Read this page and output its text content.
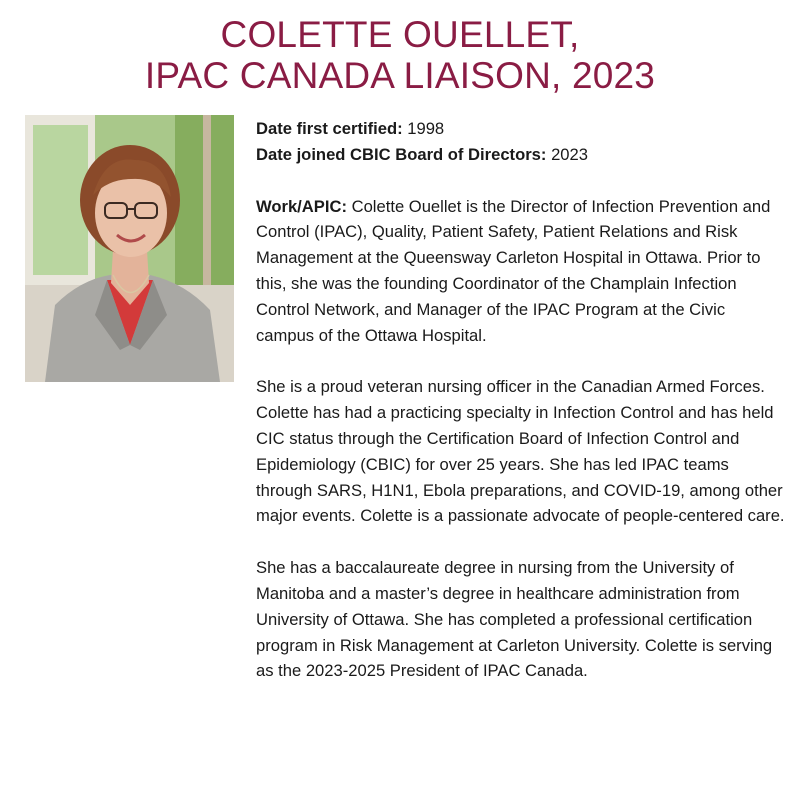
COLETTE OUELLET,
IPAC CANADA LIAISON, 2023

Date first certified: 1998

Date joined CBIC Board of Directors: 2023

Work/APIC: Colette Ouellet is the Director of Infection Prevention and Control (IPAC), Quality, Patient Safety, Patient Relations and Risk Management at the Queensway Carleton Hospital in Ottawa. Prior to this, she was the founding Coordinator of the Champlain Infection Control Network, and Manager of the IPAC Program at the Civic campus of the Ottawa Hospital.

She is a proud veteran nursing officer in the Canadian Armed Forces. Colette has had a practicing specialty in Infection Control and has held CIC status through the Certification Board of Infection Control and Epidemiology (CBIC) for over 25 years. She has led IPAC teams through SARS, H1N1, Ebola preparations, and COVID-19, among other major events. Colette is a passionate advocate of people-centered care.

She has a baccalaureate degree in nursing from the University of Manitoba and a master’s degree in healthcare administration from University of Ottawa. She has completed a professional certification program in Risk Management at Carleton University. Colette is serving as the 2023-2025 President of IPAC Canada.
